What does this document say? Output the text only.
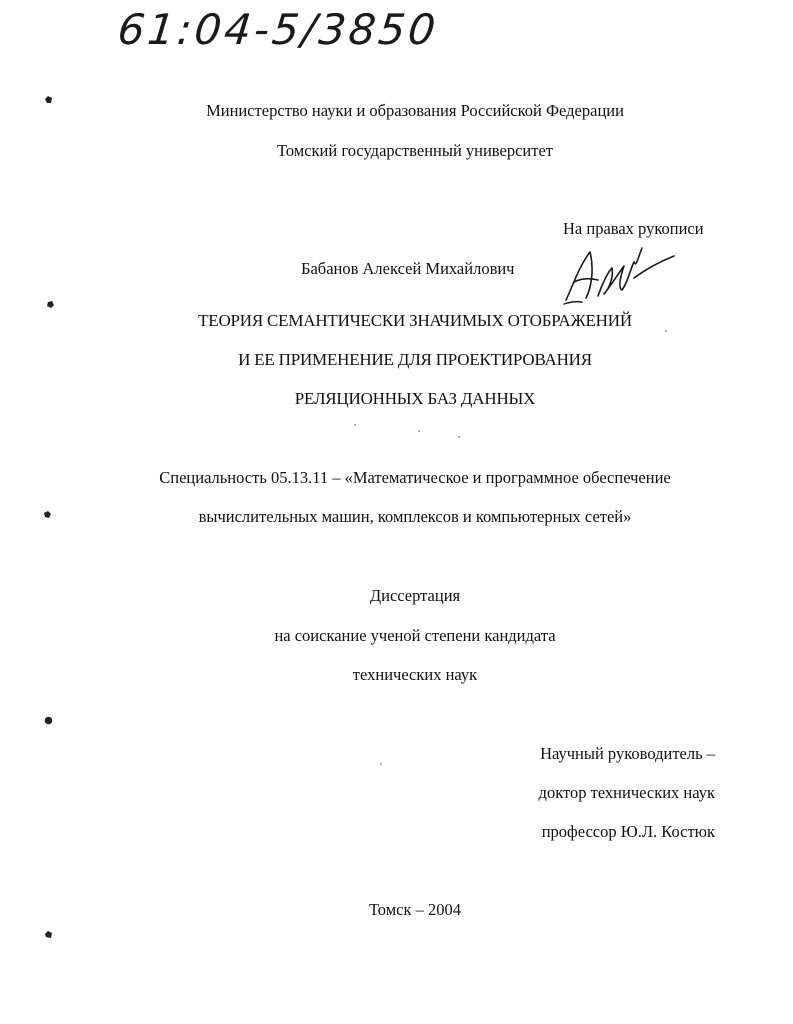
61:04-5/3850
Министерство науки и образования Российской Федерации
Томский государственный университет
На правах рукописи
Бабанов Алексей Михайлович
ТЕОРИЯ СЕМАНТИЧЕСКИ ЗНАЧИМЫХ ОТОБРАЖЕНИЙ
И ЕЕ ПРИМЕНЕНИЕ ДЛЯ ПРОЕКТИРОВАНИЯ
РЕЛЯЦИОННЫХ БАЗ ДАННЫХ
Специальность 05.13.11 – «Математическое и программное обеспечение
вычислительных машин, комплексов и компьютерных сетей»
Диссертация
на соискание ученой степени кандидата
технических наук
Научный руководитель –
доктор технических наук
профессор Ю.Л. Костюк
Томск – 2004
